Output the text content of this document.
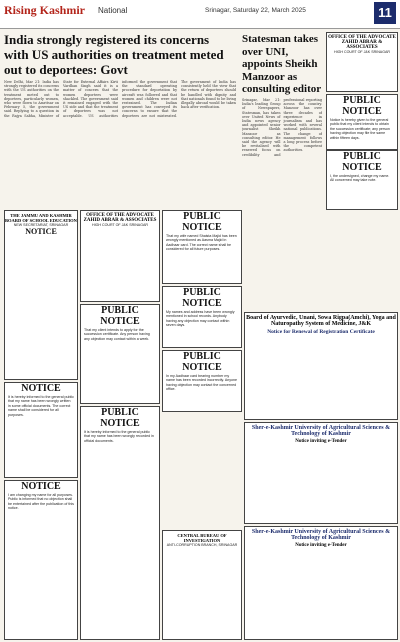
Rising Kashmir National	Srinagar, Saturday 22, March 2025	11
India strongly registered its concerns with US authorities on treatment meted out to deportees: Govt
New Delhi, Mar 21: India has strongly registered its concerns with the US authorities on the treatment meted out to deportees, particularly women, who were flown to Amritsar on February 5, the government said. Replying to a question in the Rajya Sabha, Minister of State for External Affairs Kirti Vardhan Singh said it is a matter of concern that the women deportees were shackled. The government said it remained engaged with the US side and that the treatment of deportees was not acceptable. US authorities informed the government that the standard operating procedure for deportation by aircraft was followed and that women and children were not restrained. The Indian government has conveyed its concerns to ensure that the deportees are not mistreated. The government of India has consistently held the view that the return of deportees should be handled with dignity and that nationals found to be living illegally abroad would be taken back after verification.
Statesman takes over UNI, appoints Sheikh Manzoor as consulting editor
Srinagar, Mar 21: India's leading Group of Newspapers, Statesman, has taken over United News of India news agency and appointed senior journalist Sheikh Manzoor as consulting editor. He said the agency will be revitalised with renewed focus on credibility and professional reporting across the country. Manzoor has over three decades of experience in journalism and has worked with several national publications. The change of management follows a long process before the competent authorities.
OFFICE OF THE ADVOCATE ZAHID ABRAR & ASSOCIATES
HIGH COURT OF J&K SRINAGAR
PUBLIC NOTICE
Notice is hereby given to the general public that my client intends to obtain the succession certificate; any person having objection may file the same within fifteen days.
PUBLIC NOTICE
I, the undersigned, change my name. All concerned may take note.
THE JAMMU AND KASHMIR BOARD OF SCHOOL EDUCATION
NEW SECRETARIAT, SRINAGAR
NOTICE
NOTICE
It is hereby informed to the general public that my name has been wrongly written in some official documents. The correct name shall be considered for all purposes.
NOTICE
I am changing my name for all purposes. Public is informed that no objection shall be entertained after the publication of this notice.
OFFICE OF THE ADVOCATE ZAHID ABRAR & ASSOCIATES
HIGH COURT OF J&K SRINAGAR
PUBLIC NOTICE
That my client intends to apply for the succession certificate. Any person having any objection may contact within a week.
PUBLIC NOTICE
It is hereby informed to the general public that my name has been wrongly recorded in official documents.
PUBLIC NOTICE
That my wife named Shaista Majid has been wrongly mentioned as Aasma Majid in Aadhaar card. The correct name shall be considered for all future purposes.
PUBLIC NOTICE
My names and address have been wrongly mentioned in school records. Anybody having any objection may contact within seven days.
PUBLIC NOTICE
In my Aadhaar card bearing number my name has been recorded incorrectly. Anyone having objection may contact the concerned office.
CENTRAL BUREAU OF INVESTIGATION
ANTI-CORRUPTION BRANCH, SRINAGAR
Board of Ayurvedic, Unani, Sowa Rigpa(Amchi), Yoga and Naturopathy System of Medicine, J&K
Notice for Renewal of Registration Certificate
Sher-e-Kashmir University of Agricultural Sciences & Technology of Kashmir
Notice inviting e-Tender
Sher-e-Kashmir University of Agricultural Sciences & Technology of Kashmir
Notice inviting e-Tender
